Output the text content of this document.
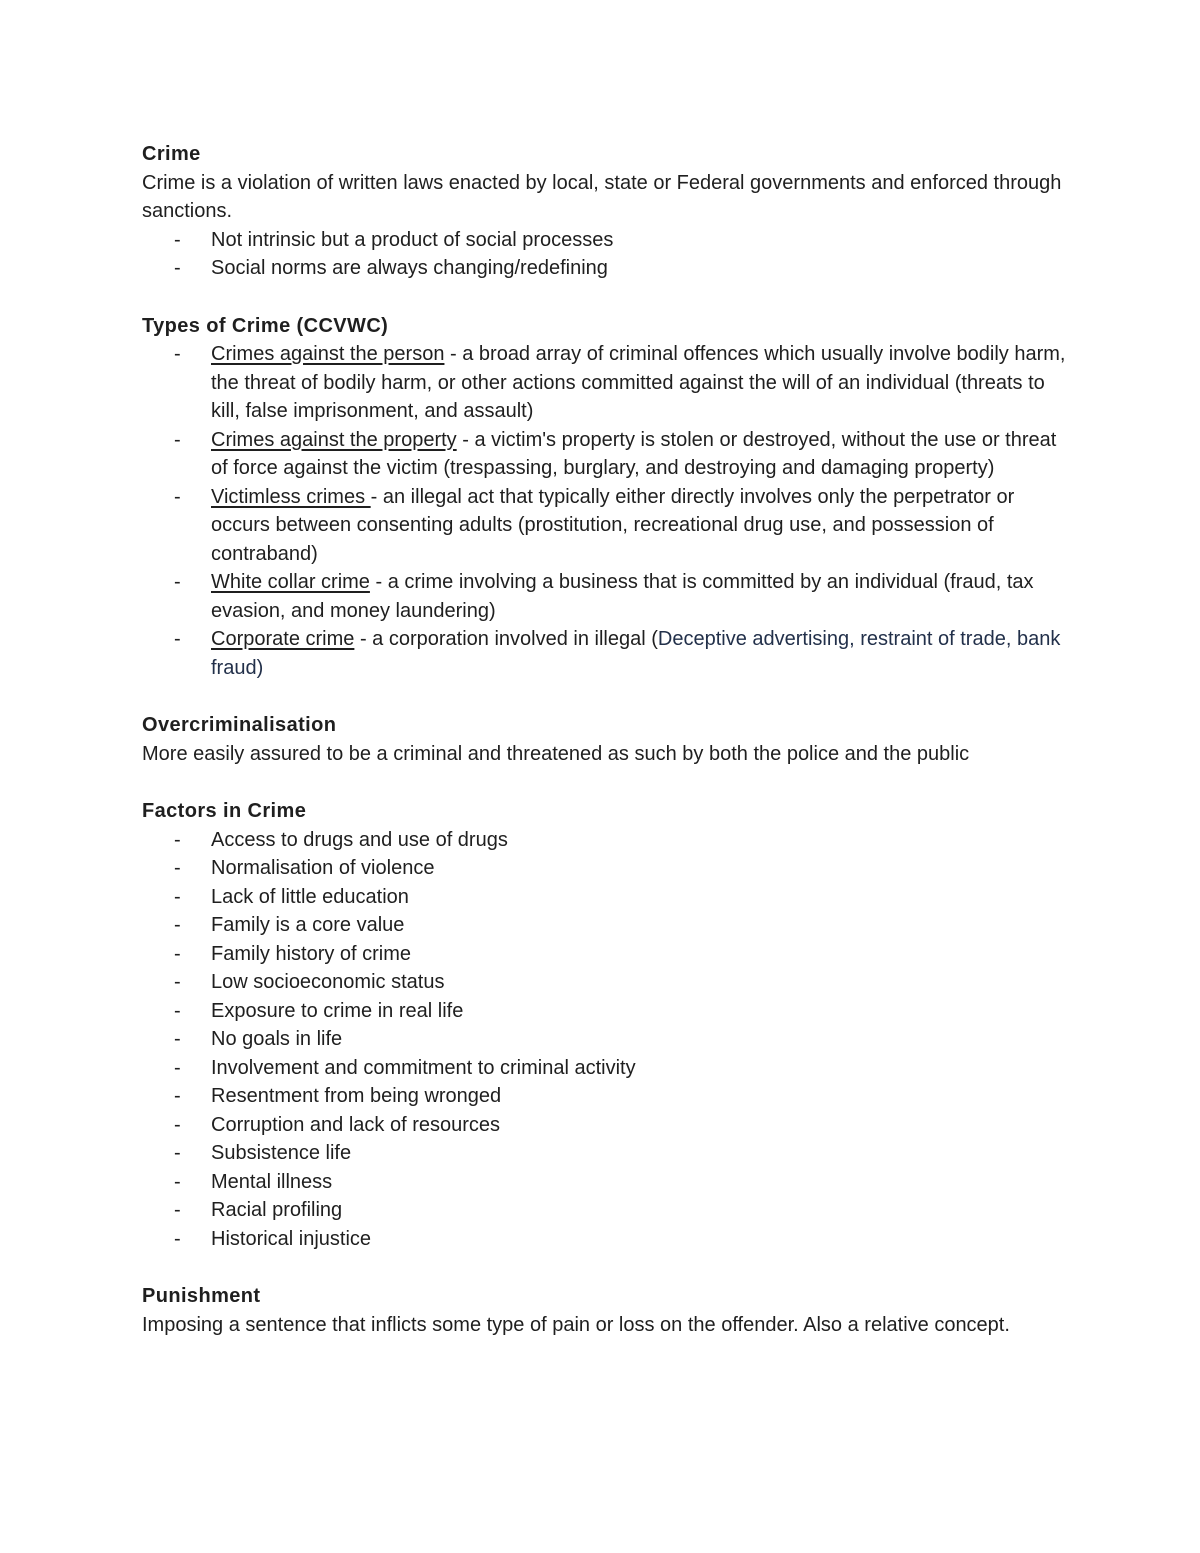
Crime

Crime is a violation of written laws enacted by local, state or Federal governments and enforced through sanctions.

- Not intrinsic but a product of social processes
- Social norms are always changing/redefining
Types of Crime (CCVWC)
- Crimes against the person - a broad array of criminal offences which usually involve bodily harm, the threat of bodily harm, or other actions committed against the will of an individual (threats to kill, false imprisonment, and assault)
- Crimes against the property - a victim's property is stolen or destroyed, without the use or threat of force against the victim (trespassing, burglary, and destroying and damaging property)
- Victimless crimes - an illegal act that typically either directly involves only the perpetrator or occurs between consenting adults (prostitution, recreational drug use, and possession of contraband)
- White collar crime - a crime involving a business that is committed by an individual (fraud, tax evasion, and money laundering)
- Corporate crime - a corporation involved in illegal (Deceptive advertising, restraint of trade, bank fraud)
Overcriminalisation

More easily assured to be a criminal and threatened as such by both the police and the public

Factors in Crime
- Access to drugs and use of drugs
- Normalisation of violence
- Lack of little education
- Family is a core value
- Family history of crime
- Low socioeconomic status
- Exposure to crime in real life
- No goals in life
- Involvement and commitment to criminal activity
- Resentment from being wronged
- Corruption and lack of resources
- Subsistence life
- Mental illness
- Racial profiling
- Historical injustice
Punishment

Imposing a sentence that inflicts some type of pain or loss on the offender. Also a relative concept.
